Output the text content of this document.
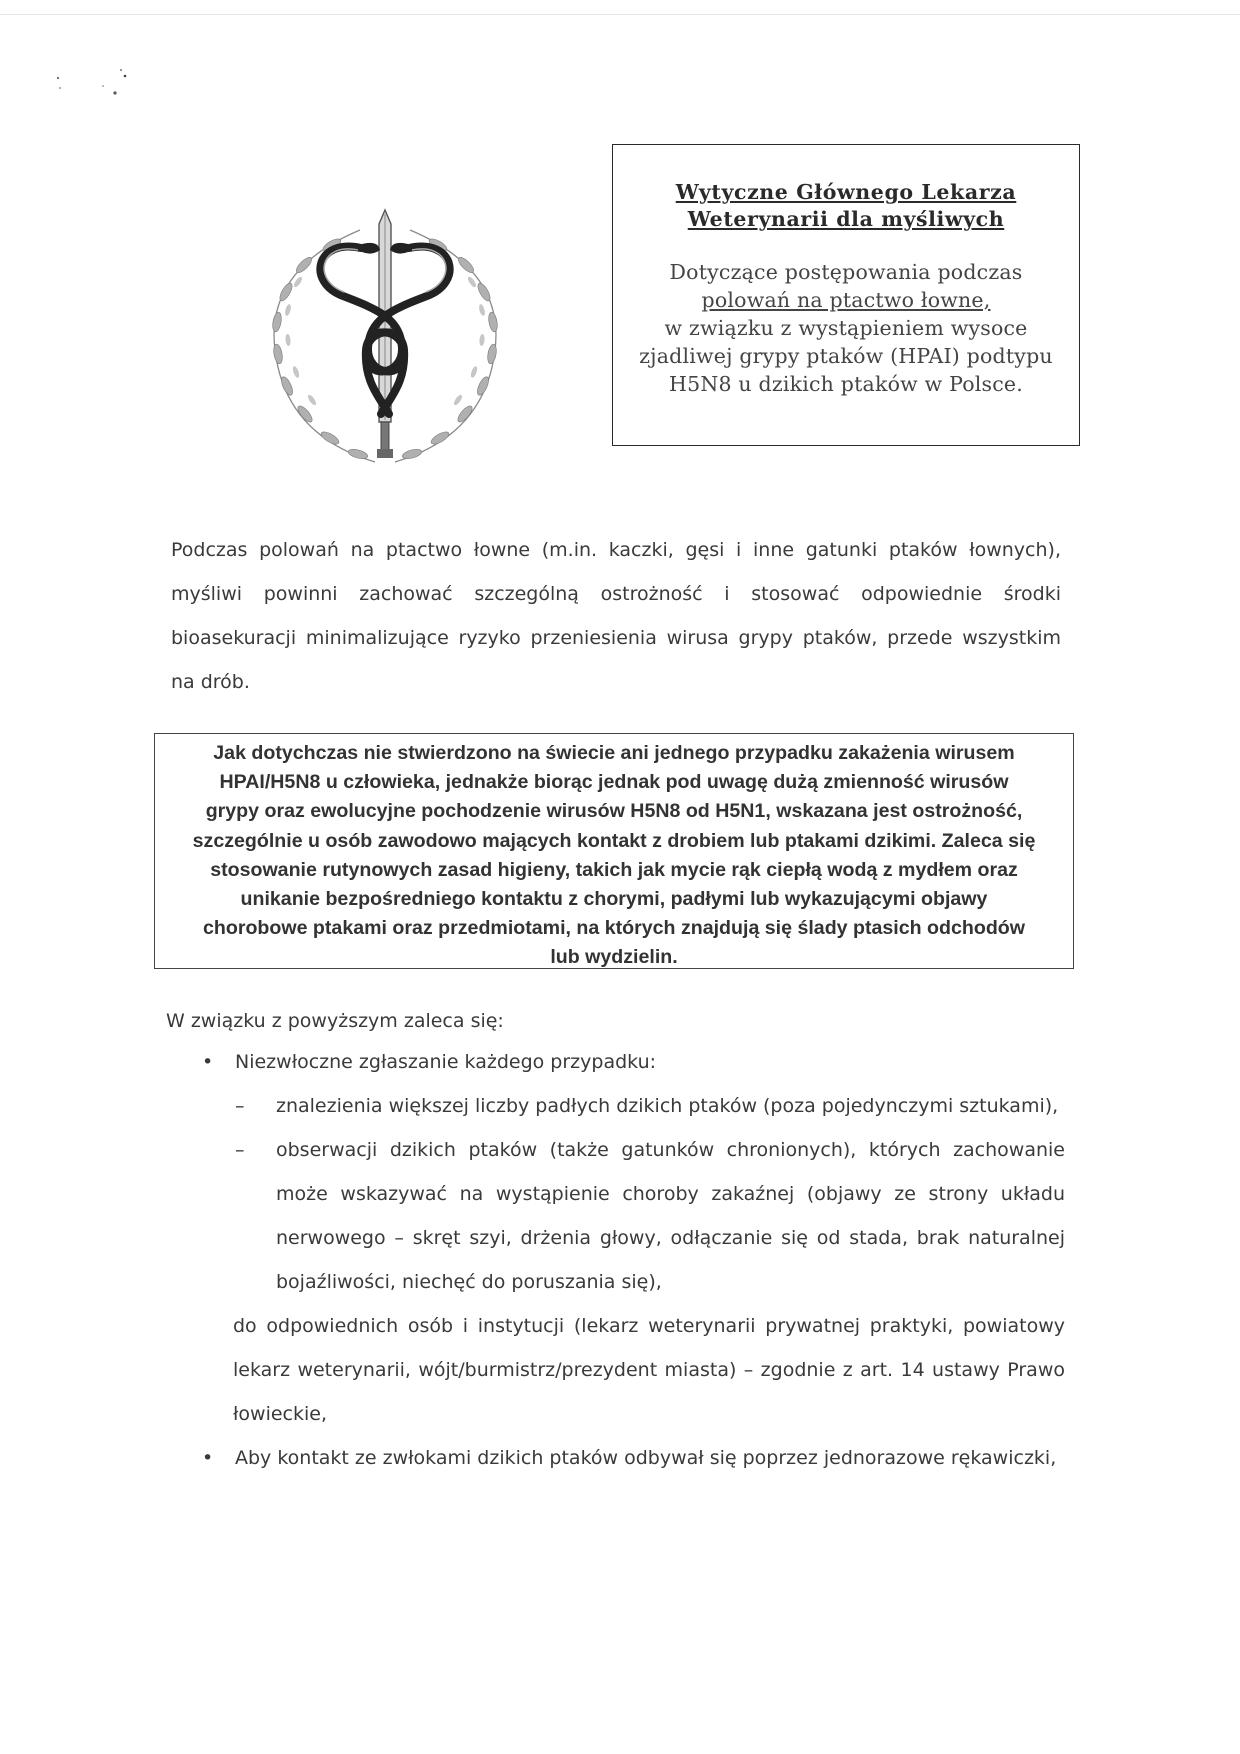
Wytyczne Głównego Lekarza
Weterynarii dla myśliwych
Dotyczące postępowania podczas
polowań na ptactwo łowne,
w związku z wystąpieniem wysoce
zjadliwej grypy ptaków (HPAI) podtypu
H5N8 u dzikich ptaków w Polsce.

Podczas polowań na ptactwo łowne (m.in. kaczki, gęsi i inne gatunki ptaków łownych), myśliwi powinni zachować szczególną ostrożność i stosować odpowiednie środki bioasekuracji minimalizujące ryzyko przeniesienia wirusa grypy ptaków, przede wszystkim na drób.

Jak dotychczas nie stwierdzono na świecie ani jednego przypadku zakażenia wirusem
HPAI/H5N8 u człowieka, jednakże biorąc jednak pod uwagę dużą zmienność wirusów
grypy oraz ewolucyjne pochodzenie wirusów H5N8 od H5N1, wskazana jest ostrożność,
szczególnie u osób zawodowo mających kontakt z drobiem lub ptakami dzikimi. Zaleca się
stosowanie rutynowych zasad higieny, takich jak mycie rąk ciepłą wodą z mydłem oraz
unikanie bezpośredniego kontaktu z chorymi, padłymi lub wykazującymi objawy
chorobowe ptakami oraz przedmiotami, na których znajdują się ślady ptasich odchodów
lub wydzielin.

W związku z powyższym zaleca się:

• Niezwłoczne zgłaszanie każdego przypadku:
– znalezienia większej liczby padłych dzikich ptaków (poza pojedynczymi sztukami),
– obserwacji dzikich ptaków (także gatunków chronionych), których zachowanie może wskazywać na wystąpienie choroby zakaźnej (objawy ze strony układu nerwowego – skręt szyi, drżenia głowy, odłączanie się od stada, brak naturalnej bojaźliwości, niechęć do poruszania się),
do odpowiednich osób i instytucji (lekarz weterynarii prywatnej praktyki, powiatowy lekarz weterynarii, wójt/burmistrz/prezydent miasta) – zgodnie z art. 14 ustawy Prawo łowieckie,
• Aby kontakt ze zwłokami dzikich ptaków odbywał się poprzez jednorazowe rękawiczki,
